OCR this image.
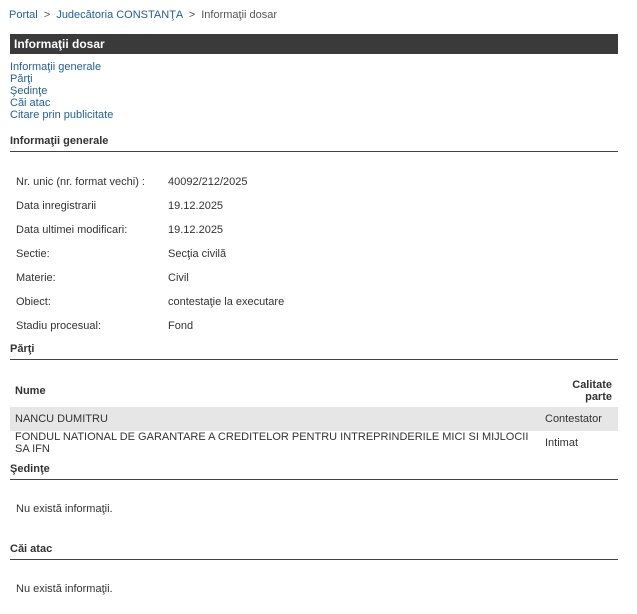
Portal > Judecătoria CONSTANŢA > Informaţii dosar
Informaţii dosar
Informaţii generale
Părţi
Şedinţe
Căi atac
Citare prin publicitate
Informaţii generale
Nr. unic (nr. format vechi) :	40092/212/2025
Data inregistrarii	19.12.2025
Data ultimei modificari:	19.12.2025
Sectie:	Secţia civilă
Materie:	Civil
Obiect:	contestaţie la executare
Stadiu procesual:	Fond
Părţi
Nume	Calitate parte
NANCU DUMITRU	Contestator
FONDUL NATIONAL DE GARANTARE A CREDITELOR PENTRU INTREPRINDERILE MICI SI MIJLOCII SA IFN	Intimat
Şedinţe
Nu există informaţii.
Căi atac
Nu există informaţii.
